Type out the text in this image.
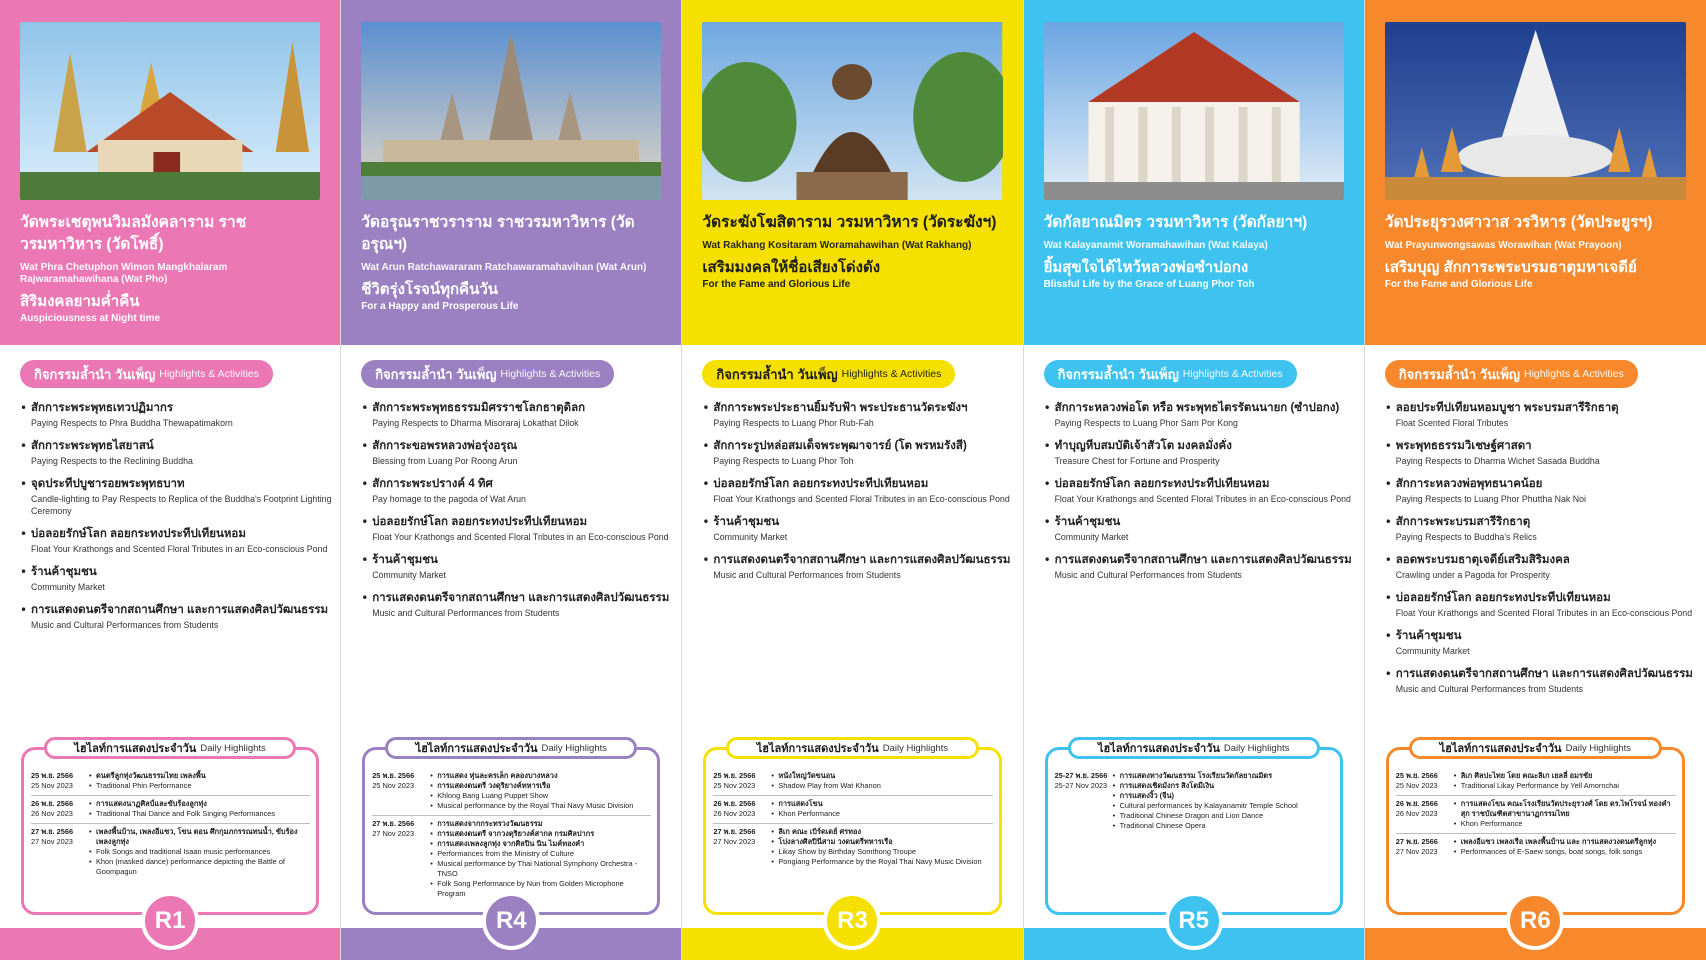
วัดพระเชตุพนวิมลมังคลาราม ราชวรมหาวิหาร (วัดโพธิ์)
Wat Phra Chetuphon Wimon Mangkhalaram Rajwaramahawihana (Wat Pho)
สิริมงคลยามค่ำคืน
Auspiciousness at Night time
กิจกรรมล้ำนำ วันเพ็ญ Highlights & Activities
• สักการะพระพุทธเทวปฏิมากร
Paying Respects to Phra Buddha Thewapatimakorn
• สักการะพระพุทธไสยาสน์
Paying Respects to the Reclining Buddha
• จุดประทีปบูชารอยพระพุทธบาท
Candle-lighting to Pay Respects to Replica of the Buddha's Footprint Lighting Ceremony
• บ่อลอยรักษ์โลก ลอยกระทงประทีปเทียนหอม
Float Your Krathongs and Scented Floral Tributes in an Eco-conscious Pond
• ร้านค้าชุมชน
Community Market
• การแสดงดนตรีจากสถานศึกษา และการแสดงศิลปวัฒนธรรม
Music and Cultural Performances from Students
ไฮไลท์การแสดงประจำวัน Daily Highlights
25 พ.ย. 2566
25 Nov 2023
• ดนตรีลูกทุ่งวัฒนธรรมไทย เพลงพื้น
• Traditional Phin Performance
26 พ.ย. 2566
26 Nov 2023
• การแสดงนาฏศิลป์และขับร้องลูกทุ่ง
• Traditional Thai Dance and Folk Singing Performances
27 พ.ย. 2566
27 Nov 2023
• เพลงพื้นบ้าน, เพลงอีแซว, โขน ตอน ศึกกุมภกรรณทนน้ำ, ขับร้องเพลงลูกทุ่ง
• Folk Songs and traditional Isaan music performances
• Khon (masked dance) performance depicting the Battle of Goompagun
R1
วัดอรุณราชวราราม ราชวรมหาวิหาร (วัดอรุณฯ)
Wat Arun Ratchawararam Ratchawaramahavihan (Wat Arun)
ชีวิตรุ่งโรจน์ทุกคืนวัน
For a Happy and Prosperous Life
กิจกรรมล้ำนำ วันเพ็ญ Highlights & Activities
• สักการะพระพุทธธรรมมิศรราชโลกธาตุดิลก
Paying Respects to Dharma Misoraraj Lokathat Dilok
• สักการะขอพรหลวงพ่อรุ่งอรุณ
Blessing from Luang Por Roong Arun
• สักการะพระปรางค์ 4 ทิศ
Pay homage to the pagoda of Wat Arun
• บ่อลอยรักษ์โลก ลอยกระทงประทีปเทียนหอม
Float Your Krathongs and Scented Floral Tributes in an Eco-conscious Pond
• ร้านค้าชุมชน
Community Market
• การแสดงดนตรีจากสถานศึกษา และการแสดงศิลปวัฒนธรรม
Music and Cultural Performances from Students
ไฮไลท์การแสดงประจำวัน Daily Highlights
25 พ.ย. 2566
25 Nov 2023
• การแสดง หุ่นละครเล็ก คลองบางหลวง
• การแสดงดนตรี วงดุริยางค์ทหารเรือ
• Khlong Bang Luang Puppet Show
• Musical performance by the Royal Thai Navy Music Division
27 พ.ย. 2566
27 Nov 2023
• การแสดงจากกระทรวงวัฒนธรรม
• การแสดงดนตรี จากวงดุริยางค์สากล กรมศิลปากร
• การแสดงเพลงลูกทุ่ง จากศิลปิน นิน ไมค์ทองคำ
• Performances from the Ministry of Culture
• Musical performance by Thai National Symphony Orchestra - TNSO
• Folk Song Performance by Nun from Golden Microphone Program
R4
วัดระฆังโฆสิตาราม วรมหาวิหาร (วัดระฆังฯ)
Wat Rakhang Kositaram Woramahawihan (Wat Rakhang)
เสริมมงคลให้ชื่อเสียงโด่งดัง
For the Fame and Glorious Life
กิจกรรมล้ำนำ วันเพ็ญ Highlights & Activities
• สักการะพระประธานยิ้มรับฟ้า พระประธานวัดระฆังฯ
Paying Respects to Luang Phor Rub-Fah
• สักการะรูปหล่อสมเด็จพระพุฒาจารย์ (โต พรหมรังสี)
Paying Respects to Luang Phor Toh
• บ่อลอยรักษ์โลก ลอยกระทงประทีปเทียนหอม
Float Your Krathongs and Scented Floral Tributes in an Eco-conscious Pond
• ร้านค้าชุมชน
Community Market
• การแสดงดนตรีจากสถานศึกษา และการแสดงศิลปวัฒนธรรม
Music and Cultural Performances from Students
ไฮไลท์การแสดงประจำวัน Daily Highlights
25 พ.ย. 2566
25 Nov 2023
• หนังใหญ่วัดขนอน
• Shadow Play from Wat Khanon
26 พ.ย. 2566
26 Nov 2023
• การแสดงโขน
• Khon Performance
27 พ.ย. 2566
27 Nov 2023
• ลิเก คณะ เบิร์ดเดย์ ศรทอง
• โปงลางศิลปินีสาม วงดนตรีทหารเรือ
• Likay Show by Birthday Somthong Troupe
• Pongiang Performance by the Royal Thai Navy Music Division
R3
วัดกัลยาณมิตร วรมหาวิหาร (วัดกัลยาฯ)
Wat Kalayanamit Woramahawihan (Wat Kalaya)
ยิ้มสุขใจได้ไหว้หลวงพ่อซำปอกง
Blissful Life by the Grace of Luang Phor Toh
กิจกรรมล้ำนำ วันเพ็ญ Highlights & Activities
• สักการะหลวงพ่อโต หรือ พระพุทธไตรรัตนนายก (ซำปอกง)
Paying Respects to Luang Phor Sam Por Kong
• ทำบุญหีบสมบัติเจ้าสัวโต มงคลมั่งคั่ง
Treasure Chest for Fortune and Prosperity
• บ่อลอยรักษ์โลก ลอยกระทงประทีปเทียนหอม
Float Your Krathongs and Scented Floral Tributes in an Eco-conscious Pond
• ร้านค้าชุมชน
Community Market
• การแสดงดนตรีจากสถานศึกษา และการแสดงศิลปวัฒนธรรม
Music and Cultural Performances from Students
ไฮไลท์การแสดงประจำวัน Daily Highlights
25-27 พ.ย. 2566
25-27 Nov 2023
• การแสดงทางวัฒนธรรม โรงเรียนวัดกัลยาณมิตร
• การแสดงเชิดมังกร สิงโตมีเงิน
• การแสดงงิ้ว (จีน)
• Cultural performances by Kalayanamitr Temple School
• Traditional Chinese Dragon and Lion Dance
• Traditional Chinese Opera
R5
วัดประยุรวงศาวาส วรวิหาร (วัดประยูรฯ)
Wat Prayunwongsawas Worawihan (Wat Prayoon)
เสริมบุญ สักการะพระบรมธาตุมหาเจดีย์
For the Fame and Glorious Life
กิจกรรมล้ำนำ วันเพ็ญ Highlights & Activities
• ลอยประทีปเทียนหอมบูชา พระบรมสารีริกธาตุ
Float Scented Floral Tributes
• พระพุทธธรรมวิเชษฐ์ศาสดา
Paying Respects to Dharma Wichet Sasada Buddha
• สักการะหลวงพ่อพุทธนาคน้อย
Paying Respects to Luang Phor Phuttha Nak Noi
• สักการะพระบรมสารีริกธาตุ
Paying Respects to Buddha's Relics
• ลอดพระบรมธาตุเจดีย์เสริมสิริมงคล
Crawling under a Pagoda for Prosperity
• บ่อลอยรักษ์โลก ลอยกระทงประทีปเทียนหอม
Float Your Krathongs and Scented Floral Tributes in an Eco-conscious Pond
• ร้านค้าชุมชน
Community Market
• การแสดงดนตรีจากสถานศึกษา และการแสดงศิลปวัฒนธรรม
Music and Cultural Performances from Students
ไฮไลท์การแสดงประจำวัน Daily Highlights
25 พ.ย. 2566
25 Nov 2023
• ลิเก ศิลปะไทย โดย คณะลิเก เยลลี่ อมรชัย
• Traditional Likay Performance by Yell Amornchai
26 พ.ย. 2566
26 Nov 2023
• การแสดงโขน คณะโรงเรียนวัดประยุรวงศ์ โดย ดร.ไพโรจน์ ทองคำสุก ราชบัณฑิตสาขานาฏกรรมไทย
• Khon Performance
27 พ.ย. 2566
27 Nov 2023
• เพลงอีแซว เพลงเรือ เพลงพื้นบ้าน และ การแสดงวงดนตรีลูกทุ่ง
• Performances of E-Saew songs, boat songs, folk songs
R6
